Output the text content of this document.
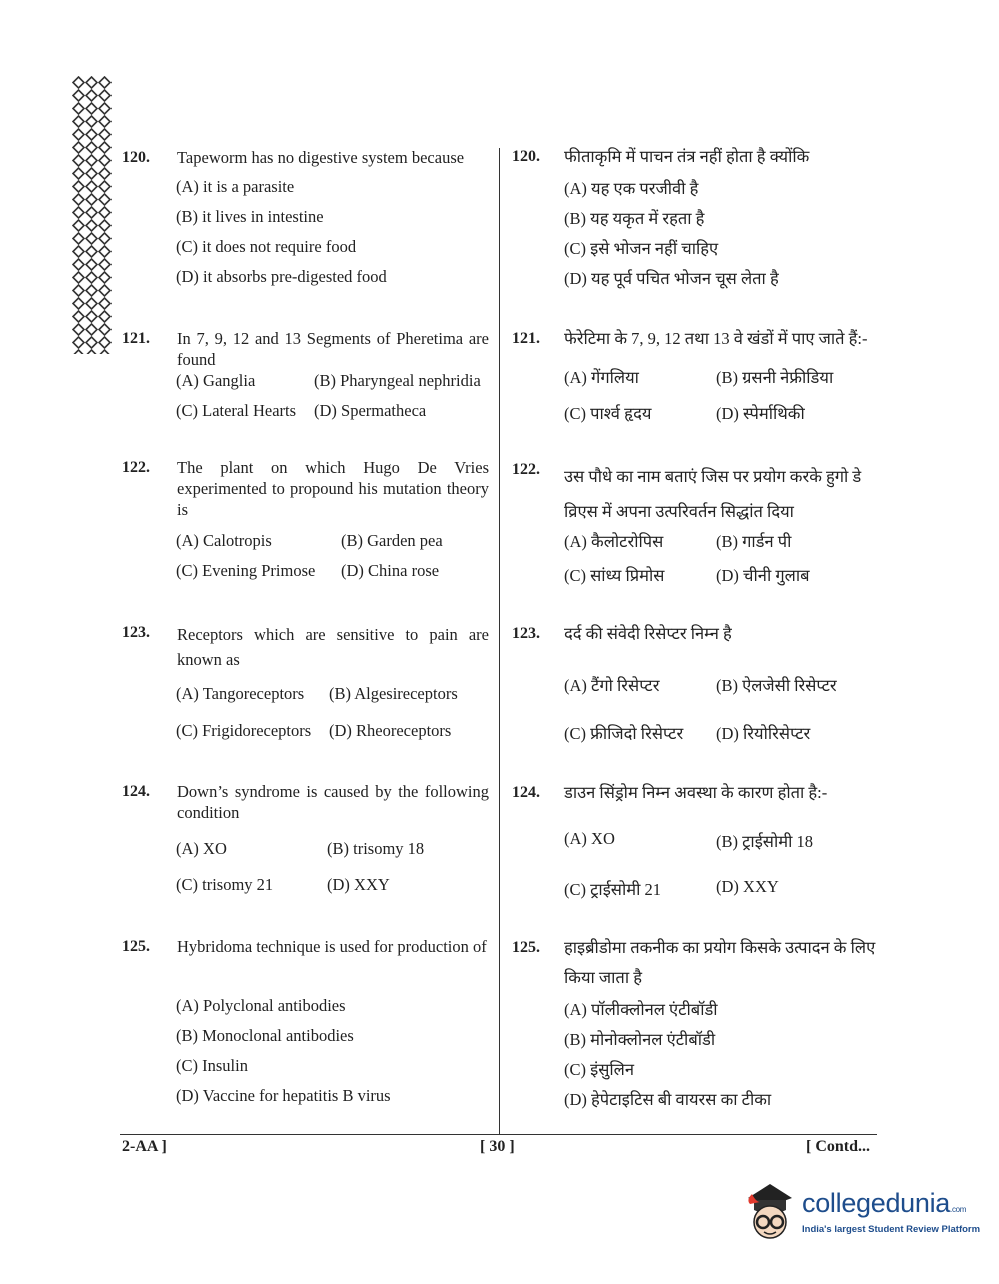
120. Tapeworm has no digestive system because
(A) it is a parasite
(B) it lives in intestine
(C) it does not require food
(D) it absorbs pre-digested food
120. फीताकृमि में पाचन तंत्र नहीं होता है क्योंकि
(A) यह एक परजीवी है
(B) यह यकृत में रहता है
(C) इसे भोजन नहीं चाहिए
(D) यह पूर्व पचित भोजन चूस लेता है
121. In 7, 9, 12 and 13 Segments of Pheretima are found
(A) Ganglia	(B) Pharyngeal nephridia
(C) Lateral Hearts (D) Spermatheca
121. फेरेटिमा के 7, 9, 12 तथा 13 वे खंडों में पाए जाते हैं:-
(A) गेंगलिया	(B) ग्रसनी नेफ्रीडिया
(C) पार्श्व हृदय	(D) स्पेर्माथिकी
122. The plant on which Hugo De Vries experimented to propound his mutation theory is
(A) Calotropis	(B) Garden pea
(C) Evening Primose (D) China rose
122. उस पौधे का नाम बताएं जिस पर प्रयोग करके हुगो डे व्रिएस में अपना उत्परिवर्तन सिद्धांत दिया
(A) कैलोटरोपिस	(B) गार्डन पी
(C) सांध्य प्रिमोस	(D) चीनी गुलाब
123. Receptors which are sensitive to pain are known as
(A) Tangoreceptors (B) Algesireceptors
(C) Frigidoreceptors (D) Rheoreceptors
123. दर्द की संवेदी रिसेप्टर निम्न है
(A) टैंगो रिसेप्टर	(B) ऐलजेसी रिसेप्टर
(C) फ्रीजिदो रिसेप्टर (D) रियोरिसेप्टर
124. Down’s syndrome is caused by the following condition
(A) XO	(B) trisomy 18
(C) trisomy 21	(D) XXY
124. डाउन सिंड्रोम निम्न अवस्था के कारण होता है:-
(A) XO	(B) ट्राईसोमी 18
(C) ट्राईसोमी 21	(D) XXY
125. Hybridoma technique is used for production of
(A) Polyclonal antibodies
(B) Monoclonal antibodies
(C) Insulin
(D) Vaccine for hepatitis B virus
125. हाइब्रीडोमा तकनीक का प्रयोग किसके उत्पादन के लिए किया जाता है
(A) पॉलीक्लोनल एंटीबॉडी
(B) मोनोक्लोनल एंटीबॉडी
(C) इंसुलिन
(D) हेपेटाइटिस बी वायरस का टीका
2-AA ]	[ 30 ]	[ Contd...
collegedunia.com
India's largest Student Review Platform
